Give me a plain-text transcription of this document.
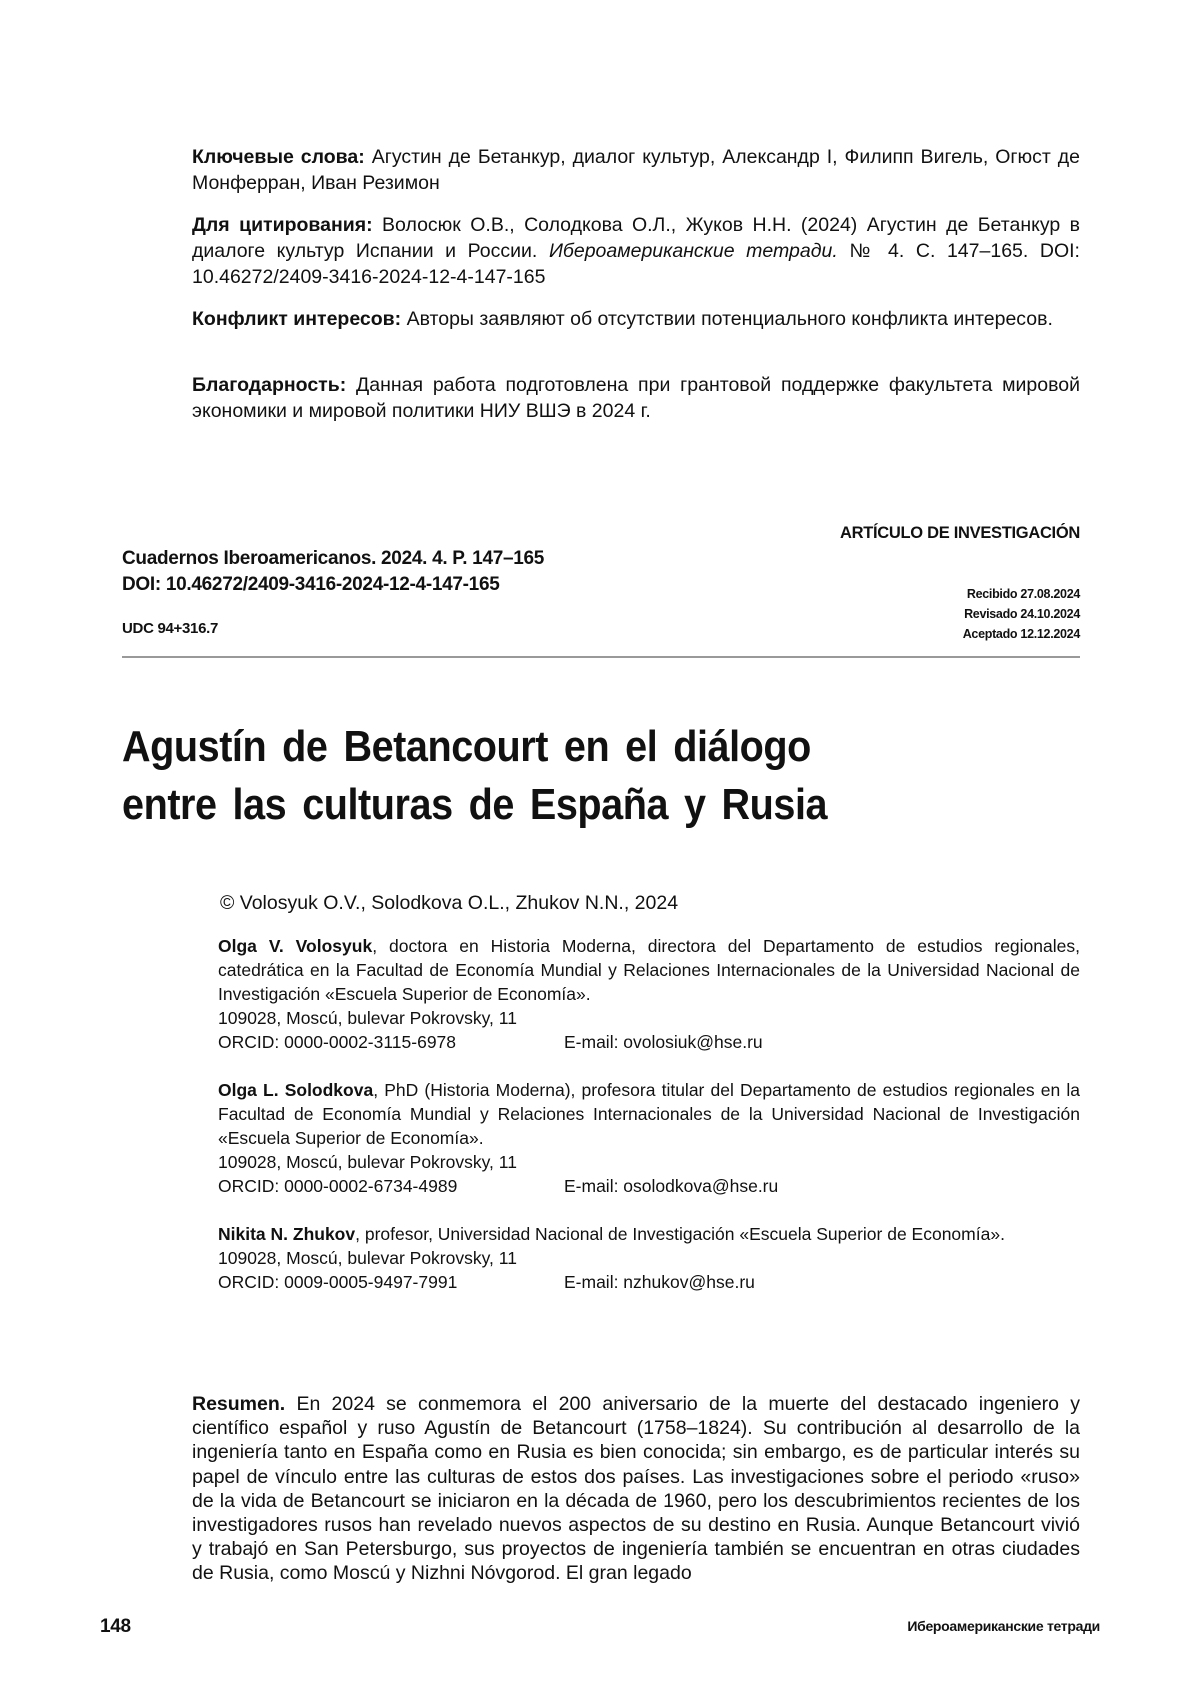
Ключевые слова: Агустин де Бетанкур, диалог культур, Александр I, Филипп Вигель, Огюст де Монферран, Иван Резимон
Для цитирования: Волосюк О.В., Солодкова О.Л., Жуков Н.Н. (2024) Агустин де Бетанкур в диалоге культур Испании и России. Ибероамериканские тетради. № 4. С. 147–165. DOI: 10.46272/2409-3416-2024-12-4-147-165
Конфликт интересов: Авторы заявляют об отсутствии потенциального конфликта интересов.
Благодарность: Данная работа подготовлена при грантовой поддержке факультета мировой экономики и мировой политики НИУ ВШЭ в 2024 г.
ARTÍCULO DE INVESTIGACIÓN
Cuadernos Iberoamericanos. 2024. 4. P. 147–165
DOI: 10.46272/2409-3416-2024-12-4-147-165
UDC 94+316.7
Recibido 27.08.2024
Revisado 24.10.2024
Aceptado 12.12.2024
Agustín de Betancourt en el diálogo
entre las culturas de España y Rusia
© Volosyuk O.V., Solodkova O.L., Zhukov N.N., 2024
Olga V. Volosyuk, doctora en Historia Moderna, directora del Departamento de estudios regionales, catedrática en la Facultad de Economía Mundial y Relaciones Internacionales de la Universidad Nacional de Investigación «Escuela Superior de Economía».
109028, Moscú, bulevar Pokrovsky, 11
ORCID: 0000-0002-3115-6978	E-mail: ovolosiuk@hse.ru
Olga L. Solodkova, PhD (Historia Moderna), profesora titular del Departamento de estudios regionales en la Facultad de Economía Mundial y Relaciones Internacionales de la Universidad Nacional de Investigación «Escuela Superior de Economía».
109028, Moscú, bulevar Pokrovsky, 11
ORCID: 0000-0002-6734-4989	E-mail: osolodkova@hse.ru
Nikita N. Zhukov, profesor, Universidad Nacional de Investigación «Escuela Superior de Economía».
109028, Moscú, bulevar Pokrovsky, 11
ORCID: 0009-0005-9497-7991	E-mail: nzhukov@hse.ru
Resumen. En 2024 se conmemora el 200 aniversario de la muerte del destacado ingeniero y científico español y ruso Agustín de Betancourt (1758–1824). Su contribución al desarrollo de la ingeniería tanto en España como en Rusia es bien conocida; sin embargo, es de particular interés su papel de vínculo entre las culturas de estos dos países. Las investigaciones sobre el periodo «ruso» de la vida de Betancourt se iniciaron en la década de 1960, pero los descubrimientos recientes de los investigadores rusos han revelado nuevos aspectos de su destino en Rusia. Aunque Betancourt vivió y trabajó en San Petersburgo, sus proyectos de ingeniería también se encuentran en otras ciudades de Rusia, como Moscú y Nizhni Nóvgorod. El gran legado
148	Ибероамериканские тетради
